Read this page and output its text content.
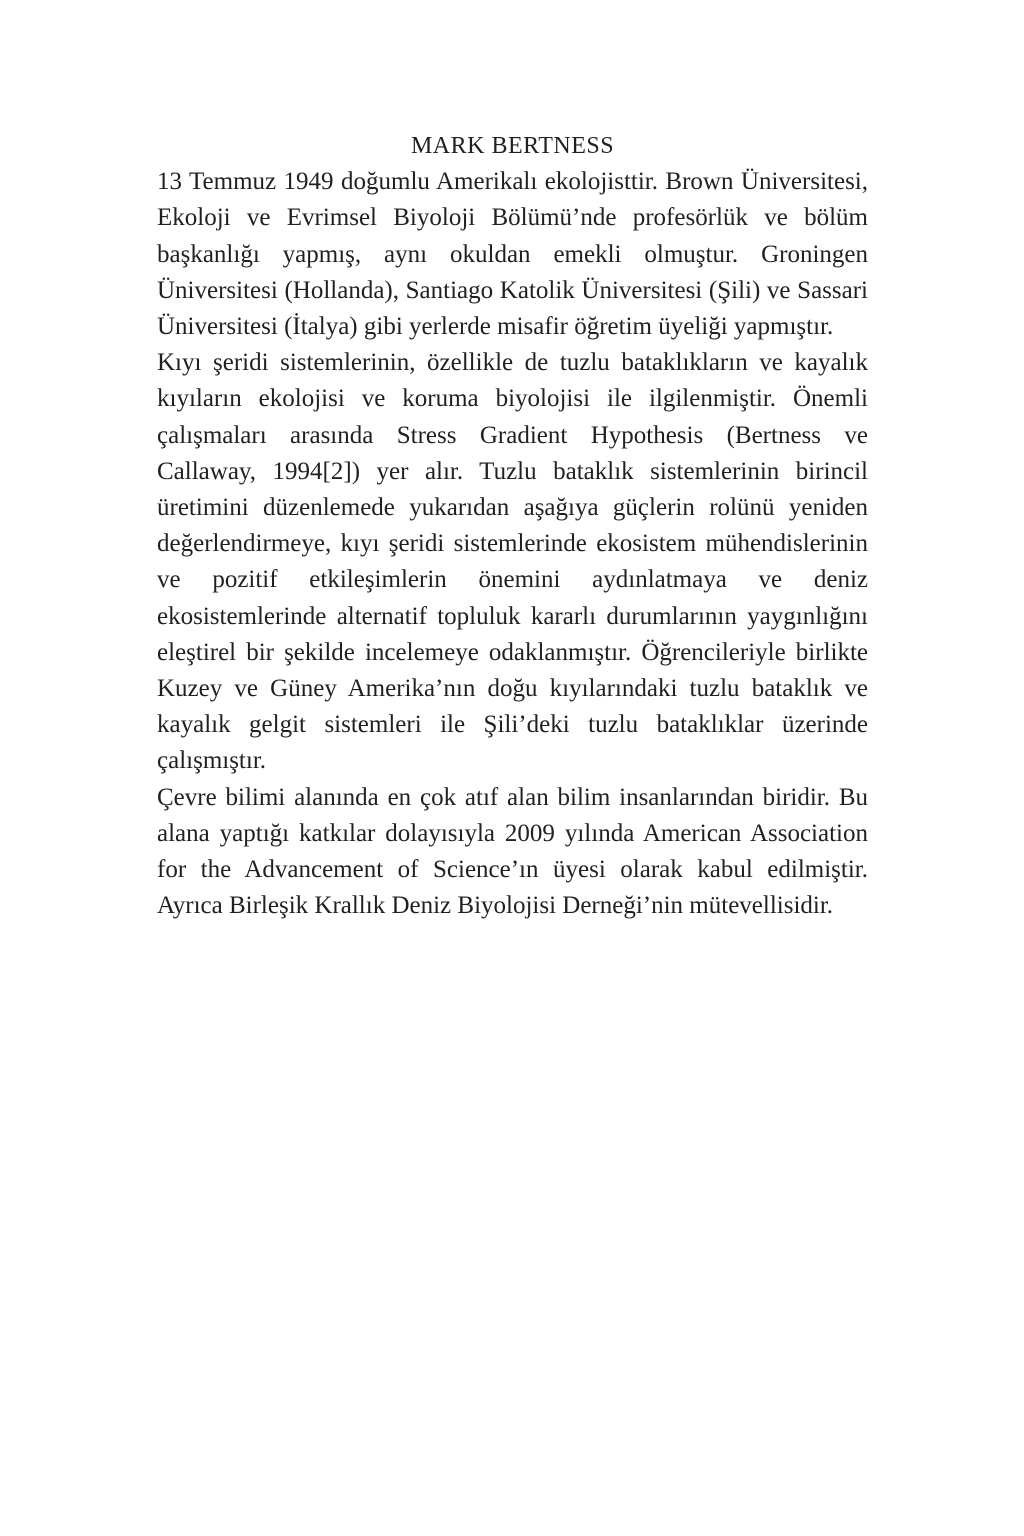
MARK BERTNESS

13 Temmuz 1949 doğumlu Amerikalı ekolojisttir. Brown Üniversitesi, Ekoloji ve Evrimsel Biyoloji Bölümü’nde profesörlük ve bölüm başkanlığı yapmış, aynı okuldan emekli olmuştur. Groningen Üniversitesi (Hollanda), Santiago Katolik Üniversitesi (Şili) ve Sassari Üniversitesi (İtalya) gibi yerlerde misafir öğretim üyeliği yapmıştır.

Kıyı şeridi sistemlerinin, özellikle de tuzlu bataklıkların ve kayalık kıyıların ekolojisi ve koruma biyolojisi ile ilgilenmiştir. Önemli çalışmaları arasında Stress Gradient Hypothesis (Bertness ve Callaway, 1994[2]) yer alır. Tuzlu bataklık sistemlerinin birincil üretimini düzenlemede yukarıdan aşağıya güçlerin rolünü yeniden değerlendirmeye, kıyı şeridi sistemlerinde ekosistem mühendislerinin ve pozitif etkileşimlerin önemini aydınlatmaya ve deniz ekosistemlerinde alternatif topluluk kararlı durumlarının yaygınlığını eleştirel bir şekilde incelemeye odaklanmıştır. Öğrencileriyle birlikte Kuzey ve Güney Amerika’nın doğu kıyılarındaki tuzlu bataklık ve kayalık gelgit sistemleri ile Şili’deki tuzlu bataklıklar üzerinde çalışmıştır.

Çevre bilimi alanında en çok atıf alan bilim insanlarından biridir. Bu alana yaptığı katkılar dolayısıyla 2009 yılında American Association for the Advancement of Science’ın üyesi olarak kabul edilmiştir. Ayrıca Birleşik Krallık Deniz Biyolojisi Derneği’nin mütevellisidir.
